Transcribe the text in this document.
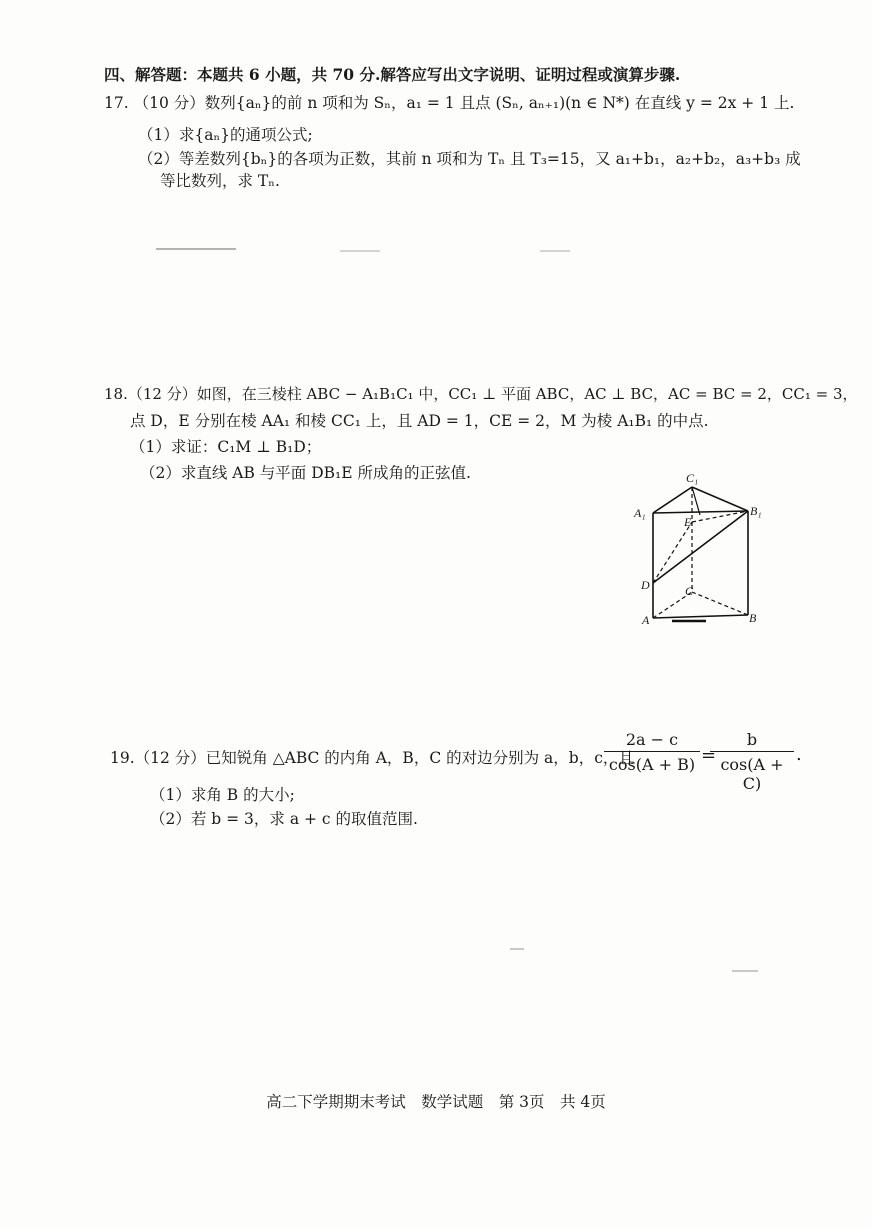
四、解答题：本题共 6 小题，共 70 分.解答应写出文字说明、证明过程或演算步骤.
17. （10 分）数列{aₙ}的前 n 项和为 Sₙ，a₁ = 1 且点 (Sₙ, aₙ₊₁)(n ∈ N*) 在直线 y = 2x + 1 上.
（1）求{aₙ}的通项公式;
（2）等差数列{bₙ}的各项为正数，其前 n 项和为 Tₙ 且 T₃=15，又 a₁+b₁，a₂+b₂，a₃+b₃ 成
等比数列，求 Tₙ.
18.（12 分）如图，在三棱柱 ABC − A₁B₁C₁ 中，CC₁ ⊥ 平面 ABC，AC ⊥ BC，AC = BC = 2，CC₁ = 3，
点 D，E 分别在棱 AA₁ 和棱 CC₁ 上，且 AD = 1，CE = 2，M 为棱 A₁B₁ 的中点.
（1）求证：C₁M ⊥ B₁D；
（2）求直线 AB 与平面 DB₁E 所成角的正弦值.	C₁
A₁	B₁
E
D	C
A	B
19.（12 分）已知锐角 △ABC 的内角 A，B，C 的对边分别为 a，b，c，且
$\frac{2a - c}{\cos(A + B)}$ =
$\frac{b}{\cos(A + C)}$ .
（1）求角 B 的大小;
（2）若 b = 3，求 a + c 的取值范围.
高二下学期期末考试　数学试题　第 3页　共 4页
